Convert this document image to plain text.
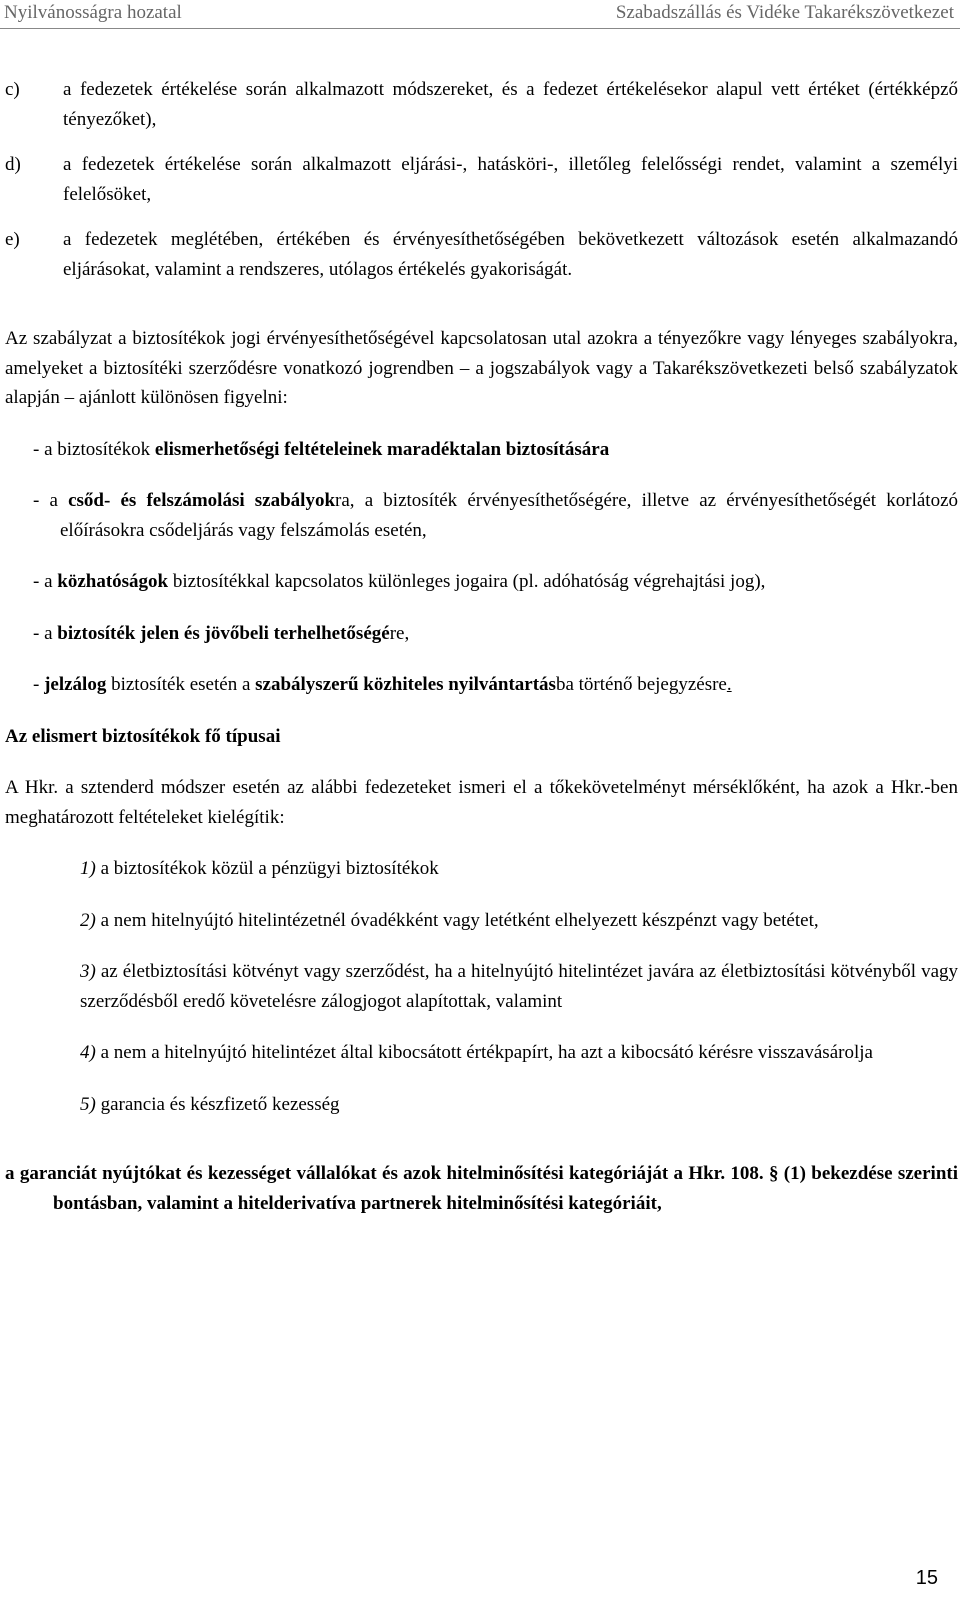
Nyilvánosságra hozatal	Szabadszállás és Vidéke Takarékszövetkezet

c) a fedezetek értékelése során alkalmazott módszereket, és a fedezet értékelésekor alapul vett értéket (értékképző tényezőket),

d) a fedezetek értékelése során alkalmazott eljárási-, hatásköri-, illetőleg felelősségi rendet, valamint a személyi felelősöket,

e) a fedezetek meglétében, értékében és érvényesíthetőségében bekövetkezett változások esetén alkalmazandó eljárásokat, valamint a rendszeres, utólagos értékelés gyakoriságát.

Az szabályzat a biztosítékok jogi érvényesíthetőségével kapcsolatosan utal azokra a tényezőkre vagy lényeges szabályokra, amelyeket a biztosítéki szerződésre vonatkozó jogrendben – a jogszabályok vagy a Takarékszövetkezeti belső szabályzatok alapján – ajánlott különösen figyelni:

- a biztosítékok elismerhetőségi feltételeinek maradéktalan biztosítására

- a csőd- és felszámolási szabályokra, a biztosíték érvényesíthetőségére, illetve az érvényesíthetőségét korlátozó előírásokra csődeljárás vagy felszámolás esetén,

- a közhatóságok biztosítékkal kapcsolatos különleges jogaira (pl. adóhatóság végrehajtási jog),

- a biztosíték jelen és jövőbeli terhelhetőségére,

- jelzálog biztosíték esetén a szabályszerű közhiteles nyilvántartásba történő bejegyzésre.

Az elismert biztosítékok fő típusai

A Hkr. a sztenderd módszer esetén az alábbi fedezeteket ismeri el a tőkekövetelményt mérséklőként, ha azok a Hkr.-ben meghatározott feltételeket kielégítik:

1) a biztosítékok közül a pénzügyi biztosítékok

2) a nem hitelnyújtó hitelintézetnél óvadékként vagy letétként elhelyezett készpénzt vagy betétet,

3) az életbiztosítási kötvényt vagy szerződést, ha a hitelnyújtó hitelintézet javára az életbiztosítási kötvényből vagy szerződésből eredő követelésre zálogjogot alapítottak, valamint

4) a nem a hitelnyújtó hitelintézet által kibocsátott értékpapírt, ha azt a kibocsátó kérésre visszavásárolja

5) garancia és készfizető kezesség

a garanciát nyújtókat és kezességet vállalókat és azok hitelminősítési kategóriáját a Hkr. 108. § (1) bekezdése szerinti bontásban, valamint a hitelderivatíva partnerek hitelminősítési kategóriáit,

15
